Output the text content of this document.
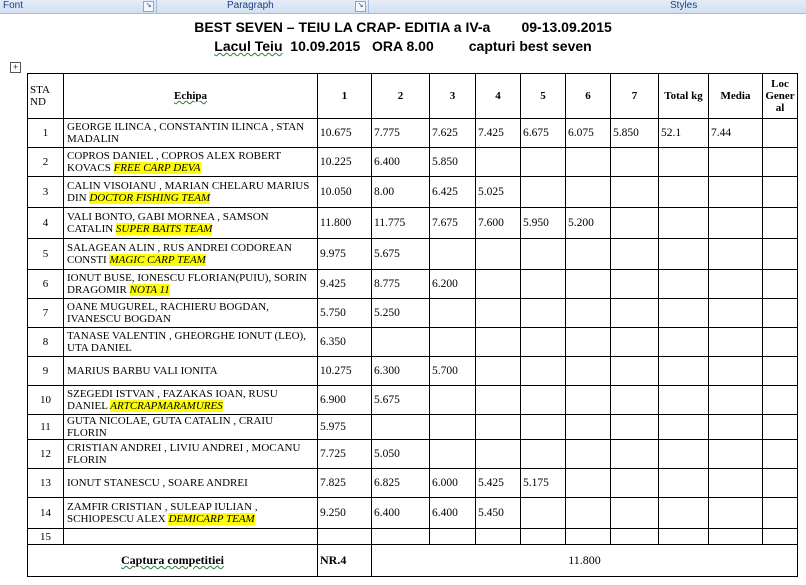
Font	↘	Paragraph	↘	Styles
BEST SEVEN – TEIU LA CRAP- EDITIA a IV-a        09-13.09.2015
Lacul Teiu  10.09.2015   ORA 8.00         capturi best seven
+
STA ND	Echipa	1	2	3	4	5	6	7	Total kg	Media	Loc Gener al
1	GEORGE ILINCA , CONSTANTIN ILINCA , STAN MADALIN	10.675	7.775	7.625	7.425	6.675	6.075	5.850	52.1	7.44	
2	COPROS DANIEL , COPROS ALEX ROBERT KOVACS FREE CARP DEVA	10.225	6.400	5.850							
3	CALIN VISOIANU , MARIAN CHELARU MARIUS DIN DOCTOR FISHING TEAM	10.050	8.00	6.425	5.025						
4	VALI BONTO, GABI MORNEA , SAMSON CATALIN SUPER BAITS TEAM	11.800	11.775	7.675	7.600	5.950	5.200				
5	SALAGEAN ALIN , RUS ANDREI CODOREAN CONSTI MAGIC CARP TEAM	9.975	5.675								
6	IONUT BUSE, IONESCU FLORIAN(PUIU), SORIN DRAGOMIR NOTA 11	9.425	8.775	6.200							
7	OANE MUGUREL, RACHIERU BOGDAN, IVANESCU BOGDAN	5.750	5.250								
8	TANASE VALENTIN , GHEORGHE IONUT (LEO), UTA DANIEL	6.350									
9	MARIUS BARBU VALI IONITA	10.275	6.300	5.700							
10	SZEGEDI ISTVAN , FAZAKAS IOAN, RUSU DANIEL ARTCRAPMARAMURES	6.900	5.675								
11	GUTA NICOLAE, GUTA CATALIN , CRAIU FLORIN	5.975									
12	CRISTIAN ANDREI , LIVIU ANDREI , MOCANU FLORIN	7.725	5.050								
13	IONUT STANESCU , SOARE ANDREI	7.825	6.825	6.000	5.425	5.175					
14	ZAMFIR CRISTIAN , SULEAP IULIAN , SCHIOPESCU ALEX DEMICARP TEAM	9.250	6.400	6.400	5.450						
15											
Captura competitiei		NR.4	11.800								
